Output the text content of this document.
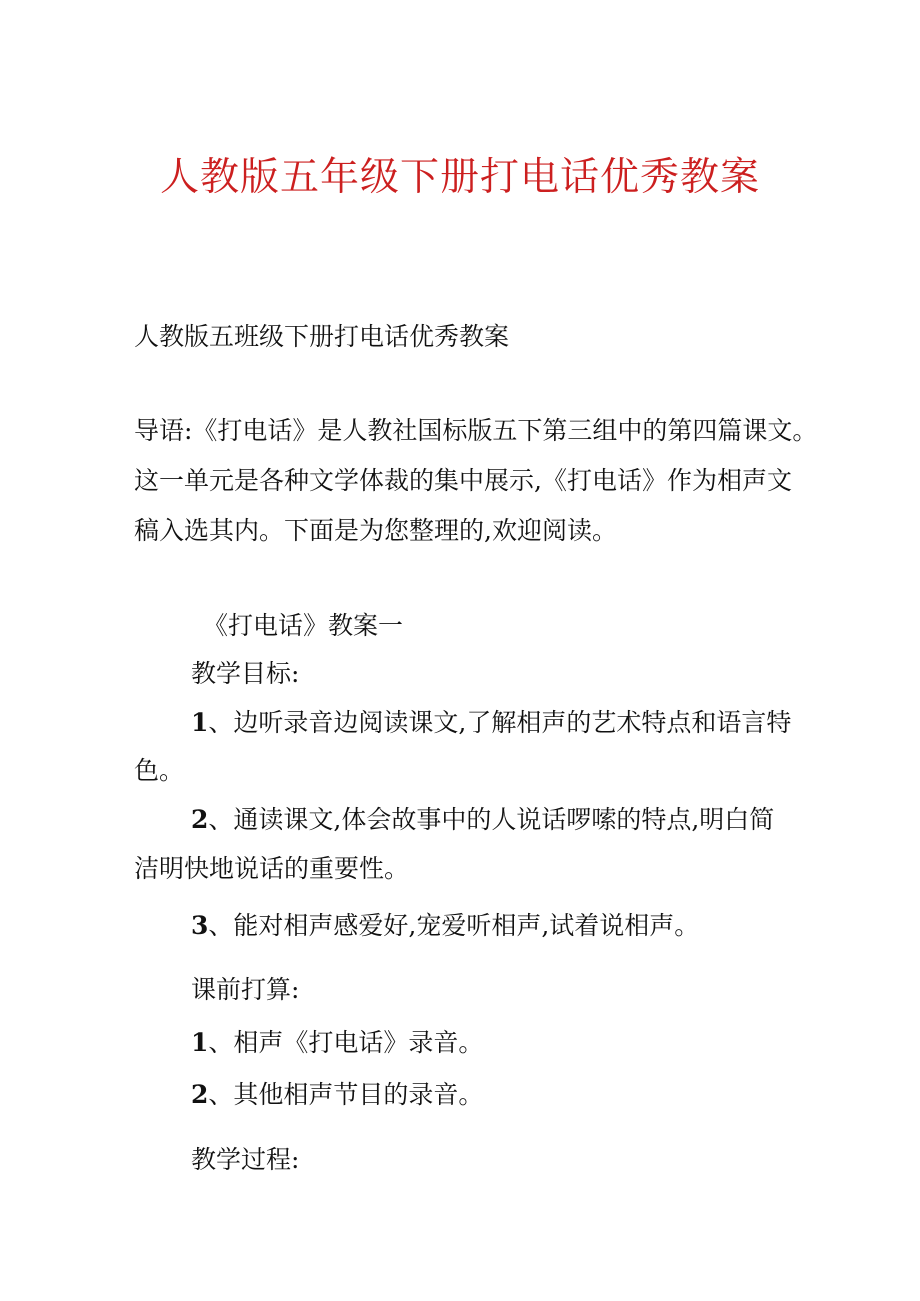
人教版五年级下册打电话优秀教案
人教版五班级下册打电话优秀教案
导语:《打电话》是人教社国标版五下第三组中的第四篇课文。
这一单元是各种文学体裁的集中展示,《打电话》作为相声文
稿入选其内。下面是为您整理的,欢迎阅读。
《打电话》教案一
教学目标:
1、边听录音边阅读课文,了解相声的艺术特点和语言特
色。
2、通读课文,体会故事中的人说话啰嗦的特点,明白简
洁明快地说话的重要性。
3、能对相声感爱好,宠爱听相声,试着说相声。
课前打算:
1、相声《打电话》录音。
2、其他相声节目的录音。
教学过程:
